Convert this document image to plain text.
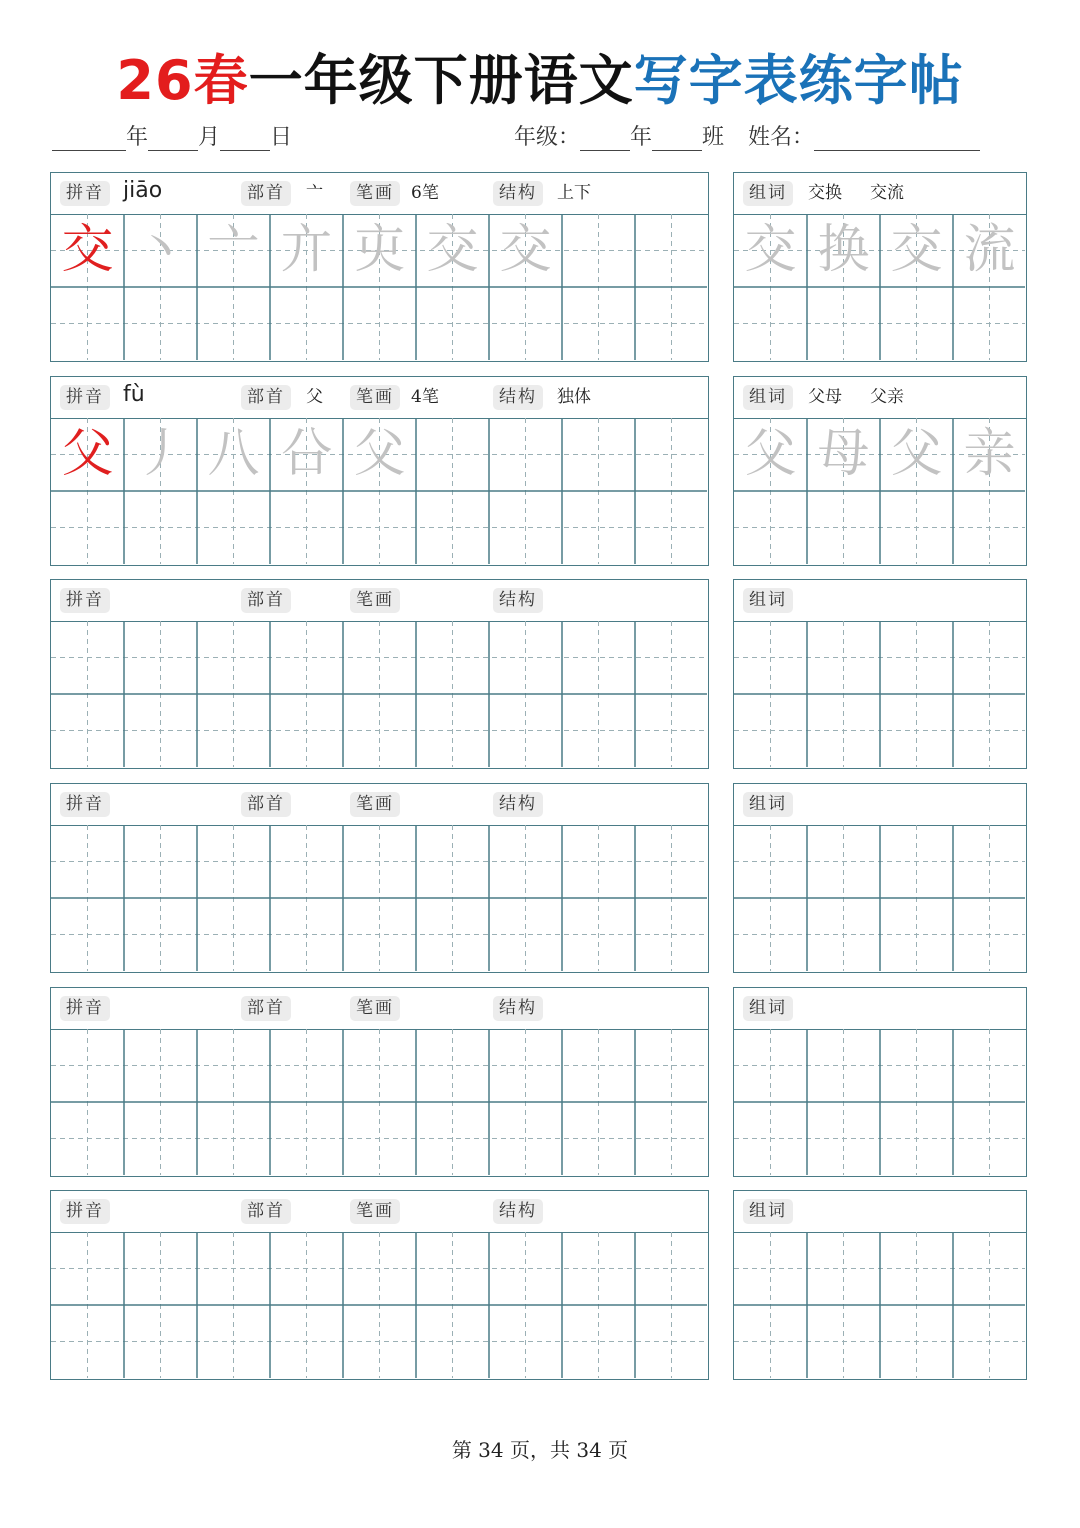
26春一年级下册语文写字表练字帖
年 月 日	年级： 年 班 姓名：
拼音 jiāo	部首	亠	笔画	6笔	结构	上下
交 丶 亠 亣 㐪 交 交
组词	交换 交流
交 换 交 流
拼音 fù	部首	父	笔画	4笔	结构	独体
父 丿 八 㕣 父
组词	父母 父亲
父 母 父 亲
拼音	部首	笔画	结构	组词
拼音	部首	笔画	结构	组词
拼音	部首	笔画	结构	组词
拼音	部首	笔画	结构	组词
第 34 页，共 34 页
